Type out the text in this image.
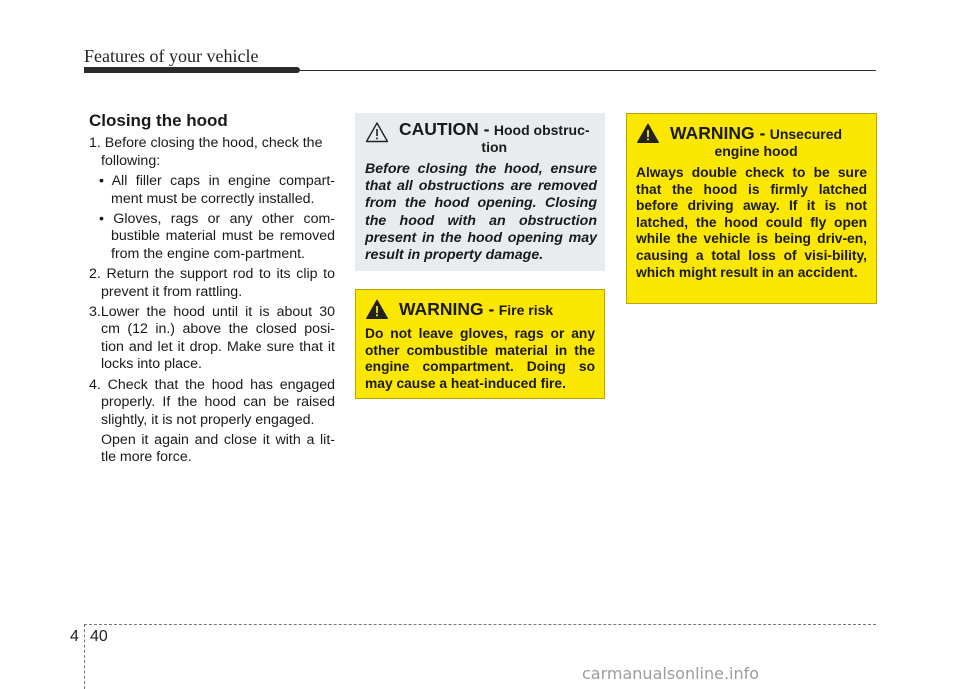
Features of your vehicle
Closing the hood
1. Before closing the hood, check the
following:
• All filler caps in engine compart-ment must be correctly installed.
• Gloves, rags or any other com-bustible material must be removed from the engine com-partment.
2. Return the support rod to its clip to prevent it from rattling.
3.Lower the hood until it is about 30 cm (12 in.) above the closed posi-tion and let it drop. Make sure that it locks into place.
4. Check that the hood has engaged properly. If the hood can be raised slightly, it is not properly engaged.
Open it again and close it with a lit-tle more force.
CAUTION - Hood obstruc-
tion
Before closing the hood, ensure that all obstructions are removed from the hood opening. Closing the hood with an obstruction present in the hood opening may result in property damage.
WARNING - Fire risk
Do not leave gloves, rags or any other combustible material in the engine compartment. Doing so may cause a heat-induced fire.
WARNING - Unsecured
engine hood
Always double check to be sure that the hood is firmly latched before driving away. If it is not latched, the hood could fly open while the vehicle is being driv-en, causing a total loss of visi-bility, which might result in an accident.
4 40
carmanualsonline.info
